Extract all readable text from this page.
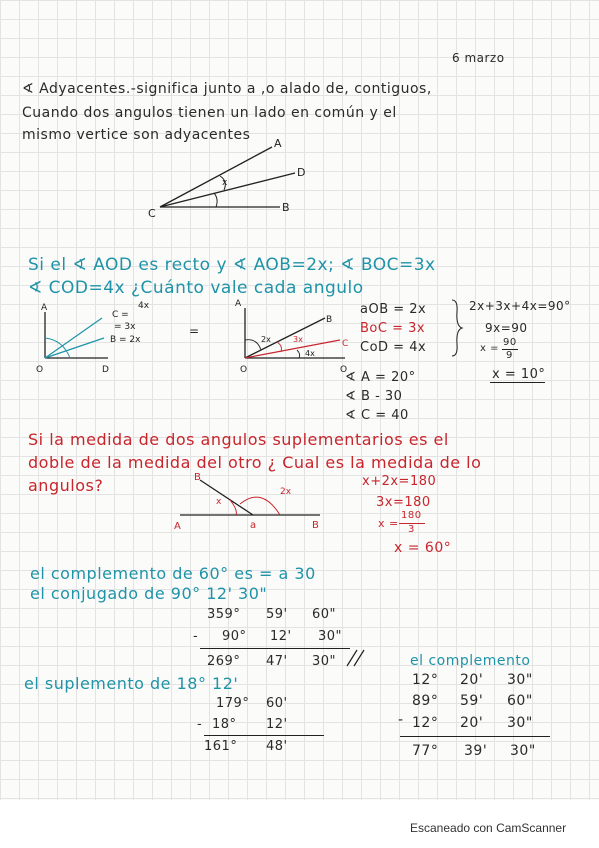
6 marzo
∢ Adyacentes.-significa junto a ,o alado de, contiguos,
Cuando dos angulos tienen un lado en común y el
mismo vertice son adyacentes
A
D
B
C
x
Si el ∢ AOD es recto y ∢ AOB=2x; ∢ BOC=3x
∢ COD=4x ¿Cuánto vale cada angulo
A
O	D
C =
4x
= 3x
B = 2x
=
A
B
C
2x	3x
4x
O	O
aOB = 2x
BoC = 3x
CoD = 4x
2x+3x+4x=90°
9x=90
x =
90
9
x = 10°
∢ A = 20°
∢ B - 30
∢ C = 40
Si la medida de dos angulos suplementarios es el
doble de la medida del otro ¿ Cual es la medida de lo
angulos?
A
B
B
a
x
2x
x+2x=180
3x=180
x =
180
3
x = 60°
el complemento de 60° es = a 30
el conjugado de 90° 12' 30"
359° 59' 60"
- 90° 12' 30"
269° 47' 30"
el suplemento de 18° 12'
179° 60'
- 18° 12'
161° 48'
el complemento
12° 20' 30"
89° 59' 60"
- 12° 20' 30"
77° 39' 30"
Escaneado con CamScanner
